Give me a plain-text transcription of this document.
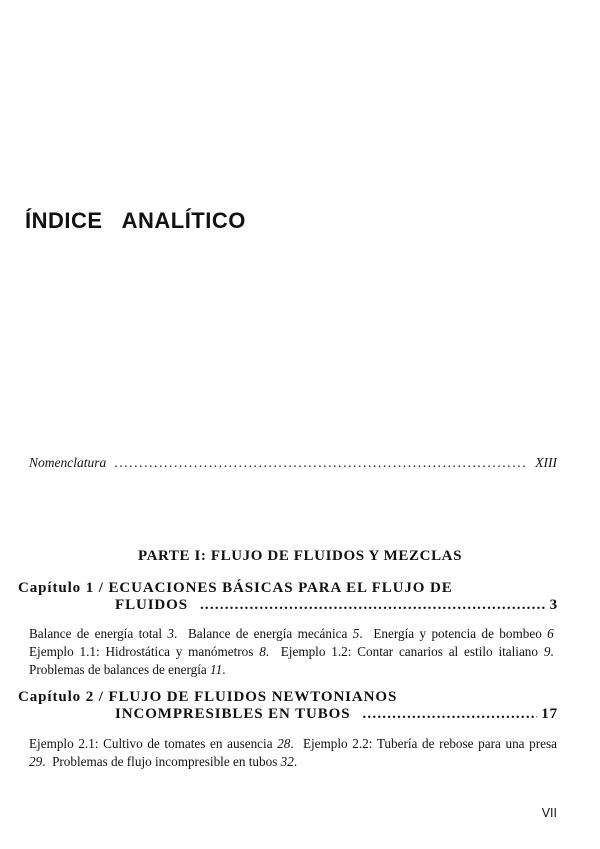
ÍNDICE ANALÍTICO
Nomenclatura .....	XIII
PARTE I: FLUJO DE FLUIDOS Y MEZCLAS
Capítulo 1 / ECUACIONES BÁSICAS PARA EL FLUJO DE
FLUIDOS .....	3
Balance de energía total 3. Balance de energía mecánica 5. Energía y potencia de bombeo 6  Ejemplo 1.1: Hidrostática y manómetros 8. Ejemplo 1.2: Contar canarios al estilo italiano 9.  Problemas de balances de energía 11.
Capítulo 2 / FLUJO DE FLUIDOS NEWTONIANOS
INCOMPRESIBLES EN TUBOS .....	17
Ejemplo 2.1: Cultivo de tomates en ausencia 28. Ejemplo 2.2: Tubería de rebose para una presa 29. Problemas de flujo incompresible en tubos 32.
VII
